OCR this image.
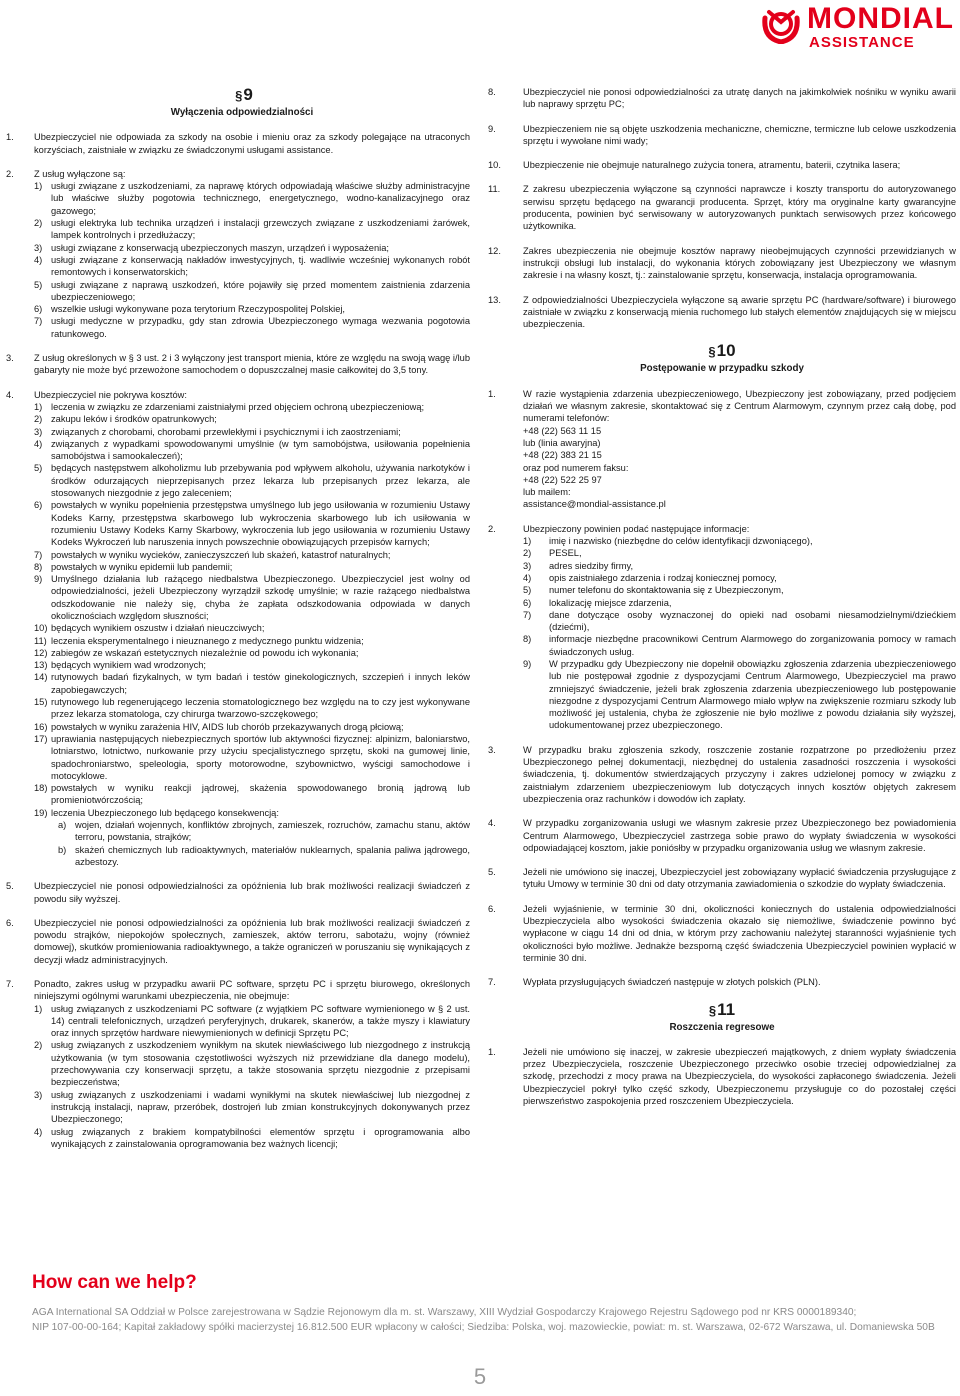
MONDIAL
ASSISTANCE
§9
Wyłączenia odpowiedzialności
1.	Ubezpieczyciel nie odpowiada za szkody na osobie i mieniu oraz za szkody polegające na utraconych korzyściach, zaistniałe w związku ze świadczonymi usługami assistance.

2.	Z usług wyłączone są:

1) usługi związane z uszkodzeniami, za naprawę których odpowiadają właściwe służby administracyjne lub właściwe służby pogotowia technicznego, energetycznego, wodno-kanalizacyjnego oraz gazowego;
2) usługi elektryka lub technika urządzeń i instalacji grzewczych związane z uszkodzeniami żarówek, lampek kontrolnych i przedłużaczy;
3) usługi związane z konserwacją ubezpieczonych maszyn, urządzeń i wyposażenia;
4) usługi związane z konserwacją nakładów inwestycyjnych, tj. wadliwie wcześniej wykonanych robót remontowych i konserwatorskich;
5) usługi związane z naprawą uszkodzeń, które pojawiły się przed momentem zaistnienia zdarzenia ubezpieczeniowego;
6) wszelkie usługi wykonywane poza terytorium Rzeczypospolitej Polskiej,
7) usługi medyczne w przypadku, gdy stan zdrowia Ubezpieczonego wymaga wezwania pogotowia ratunkowego.
3.	Z usług określonych w § 3 ust. 2 i 3 wyłączony jest transport mienia, które ze względu na swoją wagę i/lub gabaryty nie może być przewożone samochodem o dopuszczalnej masie całkowitej do 3,5 tony.

4.	Ubezpieczyciel nie pokrywa kosztów:

1) leczenia w związku ze zdarzeniami zaistniałymi przed objęciem ochroną ubezpieczeniową;
2) zakupu leków i środków opatrunkowych;
3) związanych z chorobami, chorobami przewlekłymi i psychicznymi i ich zaostrzeniami;
4) związanych z wypadkami spowodowanymi umyślnie (w tym samobójstwa, usiłowania popełnienia samobójstwa i samookaleczeń);
5) będących następstwem alkoholizmu lub przebywania pod wpływem alkoholu, używania narkotyków i środków odurzających nieprzepisanych przez lekarza lub przepisanych przez lekarza, ale stosowanych niezgodnie z jego zaleceniem;
6) powstałych w wyniku popełnienia przestępstwa umyślnego lub jego usiłowania w rozumieniu Ustawy Kodeks Karny, przestępstwa skarbowego lub wykroczenia skarbowego lub ich usiłowania w rozumieniu Ustawy Kodeks Karny Skarbowy, wykroczenia lub jego usiłowania w rozumieniu Ustawy Kodeks Wykroczeń lub naruszenia innych powszechnie obowiązujących przepisów karnych;
7) powstałych w wyniku wycieków, zanieczyszczeń lub skażeń, katastrof naturalnych;
8) powstałych w wyniku epidemii lub pandemii;
9) Umyślnego działania lub rażącego niedbalstwa Ubezpieczonego. Ubezpieczyciel jest wolny od odpowiedzialności, jeżeli Ubezpieczony wyrządził szkodę umyślnie; w razie rażącego niedbalstwa odszkodowanie nie należy się, chyba że zapłata odszkodowania odpowiada w danych okolicznościach względom słuszności;
10) będących wynikiem oszustw i działań nieuczciwych;
11) leczenia eksperymentalnego i nieuznanego z medycznego punktu widzenia;
12) zabiegów ze wskazań estetycznych niezależnie od powodu ich wykonania;
13) będących wynikiem wad wrodzonych;
14) rutynowych badań fizykalnych, w tym badań i testów ginekologicznych, szczepień i innych leków zapobiegawczych;
15) rutynowego lub regenerującego leczenia stomatologicznego bez względu na to czy jest wykonywane przez lekarza stomatologa, czy chirurga twarzowo-szczękowego;
16) powstałych w wyniku zarażenia HIV, AIDS lub chorób przekazywanych drogą płciową;
17) uprawiania następujących niebezpiecznych sportów lub aktywności fizycznej: alpinizm, baloniarstwo, lotniarstwo, lotnictwo, nurkowanie przy użyciu specjalistycznego sprzętu, skoki na gumowej linie, spadochroniarstwo, speleologia, sporty motorowodne, szybownictwo, wyścigi samochodowe i motocyklowe.
18) powstałych w wyniku reakcji jądrowej, skażenia spowodowanego bronią jądrową lub promieniotwórczością;
19) leczenia Ubezpieczonego lub będącego konsekwencją:
a) wojen, działań wojennych, konfliktów zbrojnych, zamieszek, rozruchów, zamachu stanu, aktów terroru, powstania, strajków;
b) skażeń chemicznych lub radioaktywnych, materiałów nuklearnych, spalania paliwa jądrowego, azbestozy.
5.	Ubezpieczyciel nie ponosi odpowiedzialności za opóźnienia lub brak możliwości realizacji świadczeń z powodu siły wyższej.

6.	Ubezpieczyciel nie ponosi odpowiedzialności za opóźnienia lub brak możliwości realizacji świadczeń z powodu strajków, niepokojów społecznych, zamieszek, aktów terroru, sabotażu, wojny (również domowej), skutków promieniowania radioaktywnego, a także ograniczeń w poruszaniu się wynikających z decyzji władz administracyjnych.

7.	Ponadto, zakres usług w przypadku awarii PC software, sprzętu PC i sprzętu biurowego, określonych niniejszymi ogólnymi warunkami ubezpieczenia, nie obejmuje:

1) usług związanych z uszkodzeniami PC software (z wyjątkiem PC software wymienionego w § 2 ust. 14) centrali telefonicznych, urządzeń peryferyjnych, drukarek, skanerów, a także myszy i klawiatury oraz innych sprzętów hardware niewymienionych w definicji Sprzętu PC;
2) usług związanych z uszkodzeniem wynikłym na skutek niewłaściwego lub niezgodnego z instrukcją użytkowania (w tym stosowania częstotliwości wyższych niż przewidziane dla danego modelu), przechowywania czy konserwacji sprzętu, a także stosowania sprzętu niezgodnie z przepisami bezpieczeństwa;
3) usług związanych z uszkodzeniami i wadami wynikłymi na skutek niewłaściwej lub niezgodnej z instrukcją instalacji, napraw, przeróbek, dostrojeń lub zmian konstrukcyjnych dokonywanych przez Ubezpieczonego;
4) usług związanych z brakiem kompatybilności elementów sprzętu i oprogramowania albo wynikających z zainstalowania oprogramowania bez ważnych licencji;
8.	Ubezpieczyciel nie ponosi odpowiedzialności za utratę danych na jakimkolwiek nośniku w wyniku awarii lub naprawy sprzętu PC;

9.	Ubezpieczeniem nie są objęte uszkodzenia mechaniczne, chemiczne, termiczne lub celowe uszkodzenia sprzętu i wywołane nimi wady;

10.	Ubezpieczenie nie obejmuje naturalnego zużycia tonera, atramentu, baterii, czytnika lasera;

11.	Z zakresu ubezpieczenia wyłączone są czynności naprawcze i koszty transportu do autoryzowanego serwisu sprzętu będącego na gwarancji producenta. Sprzęt, który ma oryginalne karty gwarancyjne producenta, powinien być serwisowany w autoryzowanych punktach serwisowych przez końcowego użytkownika.

12.	Zakres ubezpieczenia nie obejmuje kosztów naprawy nieobejmujących czynności przewidzianych w instrukcji obsługi lub instalacji, do wykonania których zobowiązany jest Ubezpieczony we własnym zakresie i na własny koszt, tj.: zainstalowanie sprzętu, konserwacja, instalacja oprogramowania.

13.	Z odpowiedzialności Ubezpieczyciela wyłączone są awarie sprzętu PC (hardware/software) i biurowego zaistniałe w związku z konserwacją mienia ruchomego lub stałych elementów znajdujących się w miejscu ubezpieczenia.

§10
Postępowanie w przypadku szkody
1.	W razie wystąpienia zdarzenia ubezpieczeniowego, Ubezpieczony jest zobowiązany, przed podjęciem działań we własnym zakresie, skontaktować się z Centrum Alarmowym, czynnym przez całą dobę, pod numerami telefonów:

+48 (22) 563 11 15

lub (linia awaryjna)

+48 (22) 383 21 15

oraz pod numerem faksu:

+48 (22) 522 25 97

lub mailem:

assistance@mondial-assistance.pl

2.	Ubezpieczony powinien podać następujące informacje:

1)	imię i nazwisko (niezbędne do celów identyfikacji dzwoniącego),
2)	PESEL,
3)	adres siedziby firmy,
4)	opis zaistniałego zdarzenia i rodzaj koniecznej pomocy,
5)	numer telefonu do skontaktowania się z Ubezpieczonym,
6)	lokalizację miejsce zdarzenia,
7)	dane dotyczące osoby wyznaczonej do opieki nad osobami niesamodzielnymi/dziećkiem (dziećmi),
8)	informacje niezbędne pracownikowi Centrum Alarmowego do zorganizowania pomocy w ramach świadczonych usług.
9)	W przypadku gdy Ubezpieczony nie dopełnił obowiązku zgłoszenia zdarzenia ubezpieczeniowego lub nie postępował zgodnie z dyspozycjami Centrum Alarmowego, Ubezpieczyciel ma prawo zmniejszyć świadczenie, jeżeli brak zgłoszenia zdarzenia ubezpieczeniowego lub postępowanie niezgodne z dyspozycjami Centrum Alarmowego miało wpływ na zwiększenie rozmiaru szkody lub możliwość jej ustalenia, chyba że zgłoszenie nie było możliwe z powodu działania siły wyższej, udokumentowanej przez ubezpieczonego.
3.	W przypadku braku zgłoszenia szkody, roszczenie zostanie rozpatrzone po przedłożeniu przez Ubezpieczonego pełnej dokumentacji, niezbędnej do ustalenia zasadności roszczenia i wysokości świadczenia, tj. dokumentów stwierdzających przyczyny i zakres udzielonej pomocy w związku z zaistniałym zdarzeniem ubezpieczeniowym lub dotyczących innych kosztów objętych zakresem ubezpieczenia oraz rachunków i dowodów ich zapłaty.

4.	W przypadku zorganizowania usługi we własnym zakresie przez Ubezpieczonego bez powiadomienia Centrum Alarmowego, Ubezpieczyciel zastrzega sobie prawo do wypłaty świadczenia w wysokości odpowiadającej kosztom, jakie poniósłby w przypadku organizowania usług we własnym zakresie.

5.	Jeżeli nie umówiono się inaczej, Ubezpieczyciel jest zobowiązany wypłacić świadczenia przysługujące z tytułu Umowy w terminie 30 dni od daty otrzymania zawiadomienia o szkodzie do wypłaty świadczenia.

6.	Jeżeli wyjaśnienie, w terminie 30 dni, okoliczności koniecznych do ustalenia odpowiedzialności Ubezpieczyciela albo wysokości świadczenia okazało się niemożliwe, świadczenie powinno być wypłacone w ciągu 14 dni od dnia, w którym przy zachowaniu należytej staranności wyjaśnienie tych okoliczności było możliwe. Jednakże bezsporną część świadczenia Ubezpieczyciel powinien wypłacić w terminie 30 dni.

7.	Wypłata przysługujących świadczeń następuje w złotych polskich (PLN).

§11
Roszczenia regresowe
1.	Jeżeli nie umówiono się inaczej, w zakresie ubezpieczeń majątkowych, z dniem wypłaty świadczenia przez Ubezpieczyciela, roszczenie Ubezpieczonego przeciwko osobie trzeciej odpowiedzialnej za szkodę, przechodzi z mocy prawa na Ubezpieczyciela, do wysokości zapłaconego świadczenia. Jeżeli Ubezpieczyciel pokrył tylko część szkody, Ubezpieczonemu przysługuje co do pozostałej części pierwszeństwo zaspokojenia przed roszczeniem Ubezpieczyciela.

How can we help?
AGA International SA Oddział w Polsce zarejestrowana w Sądzie Rejonowym dla m. st. Warszawy, XIII Wydział Gospodarczy Krajowego Rejestru Sądowego pod nr KRS 0000189340;
NIP 107-00-00-164; Kapitał zakładowy spółki macierzystej 16.812.500 EUR wpłacony w całości; Siedziba: Polska, woj. mazowieckie, powiat: m. st. Warszawa, 02-672 Warszawa, ul. Domaniewska 50B
5
